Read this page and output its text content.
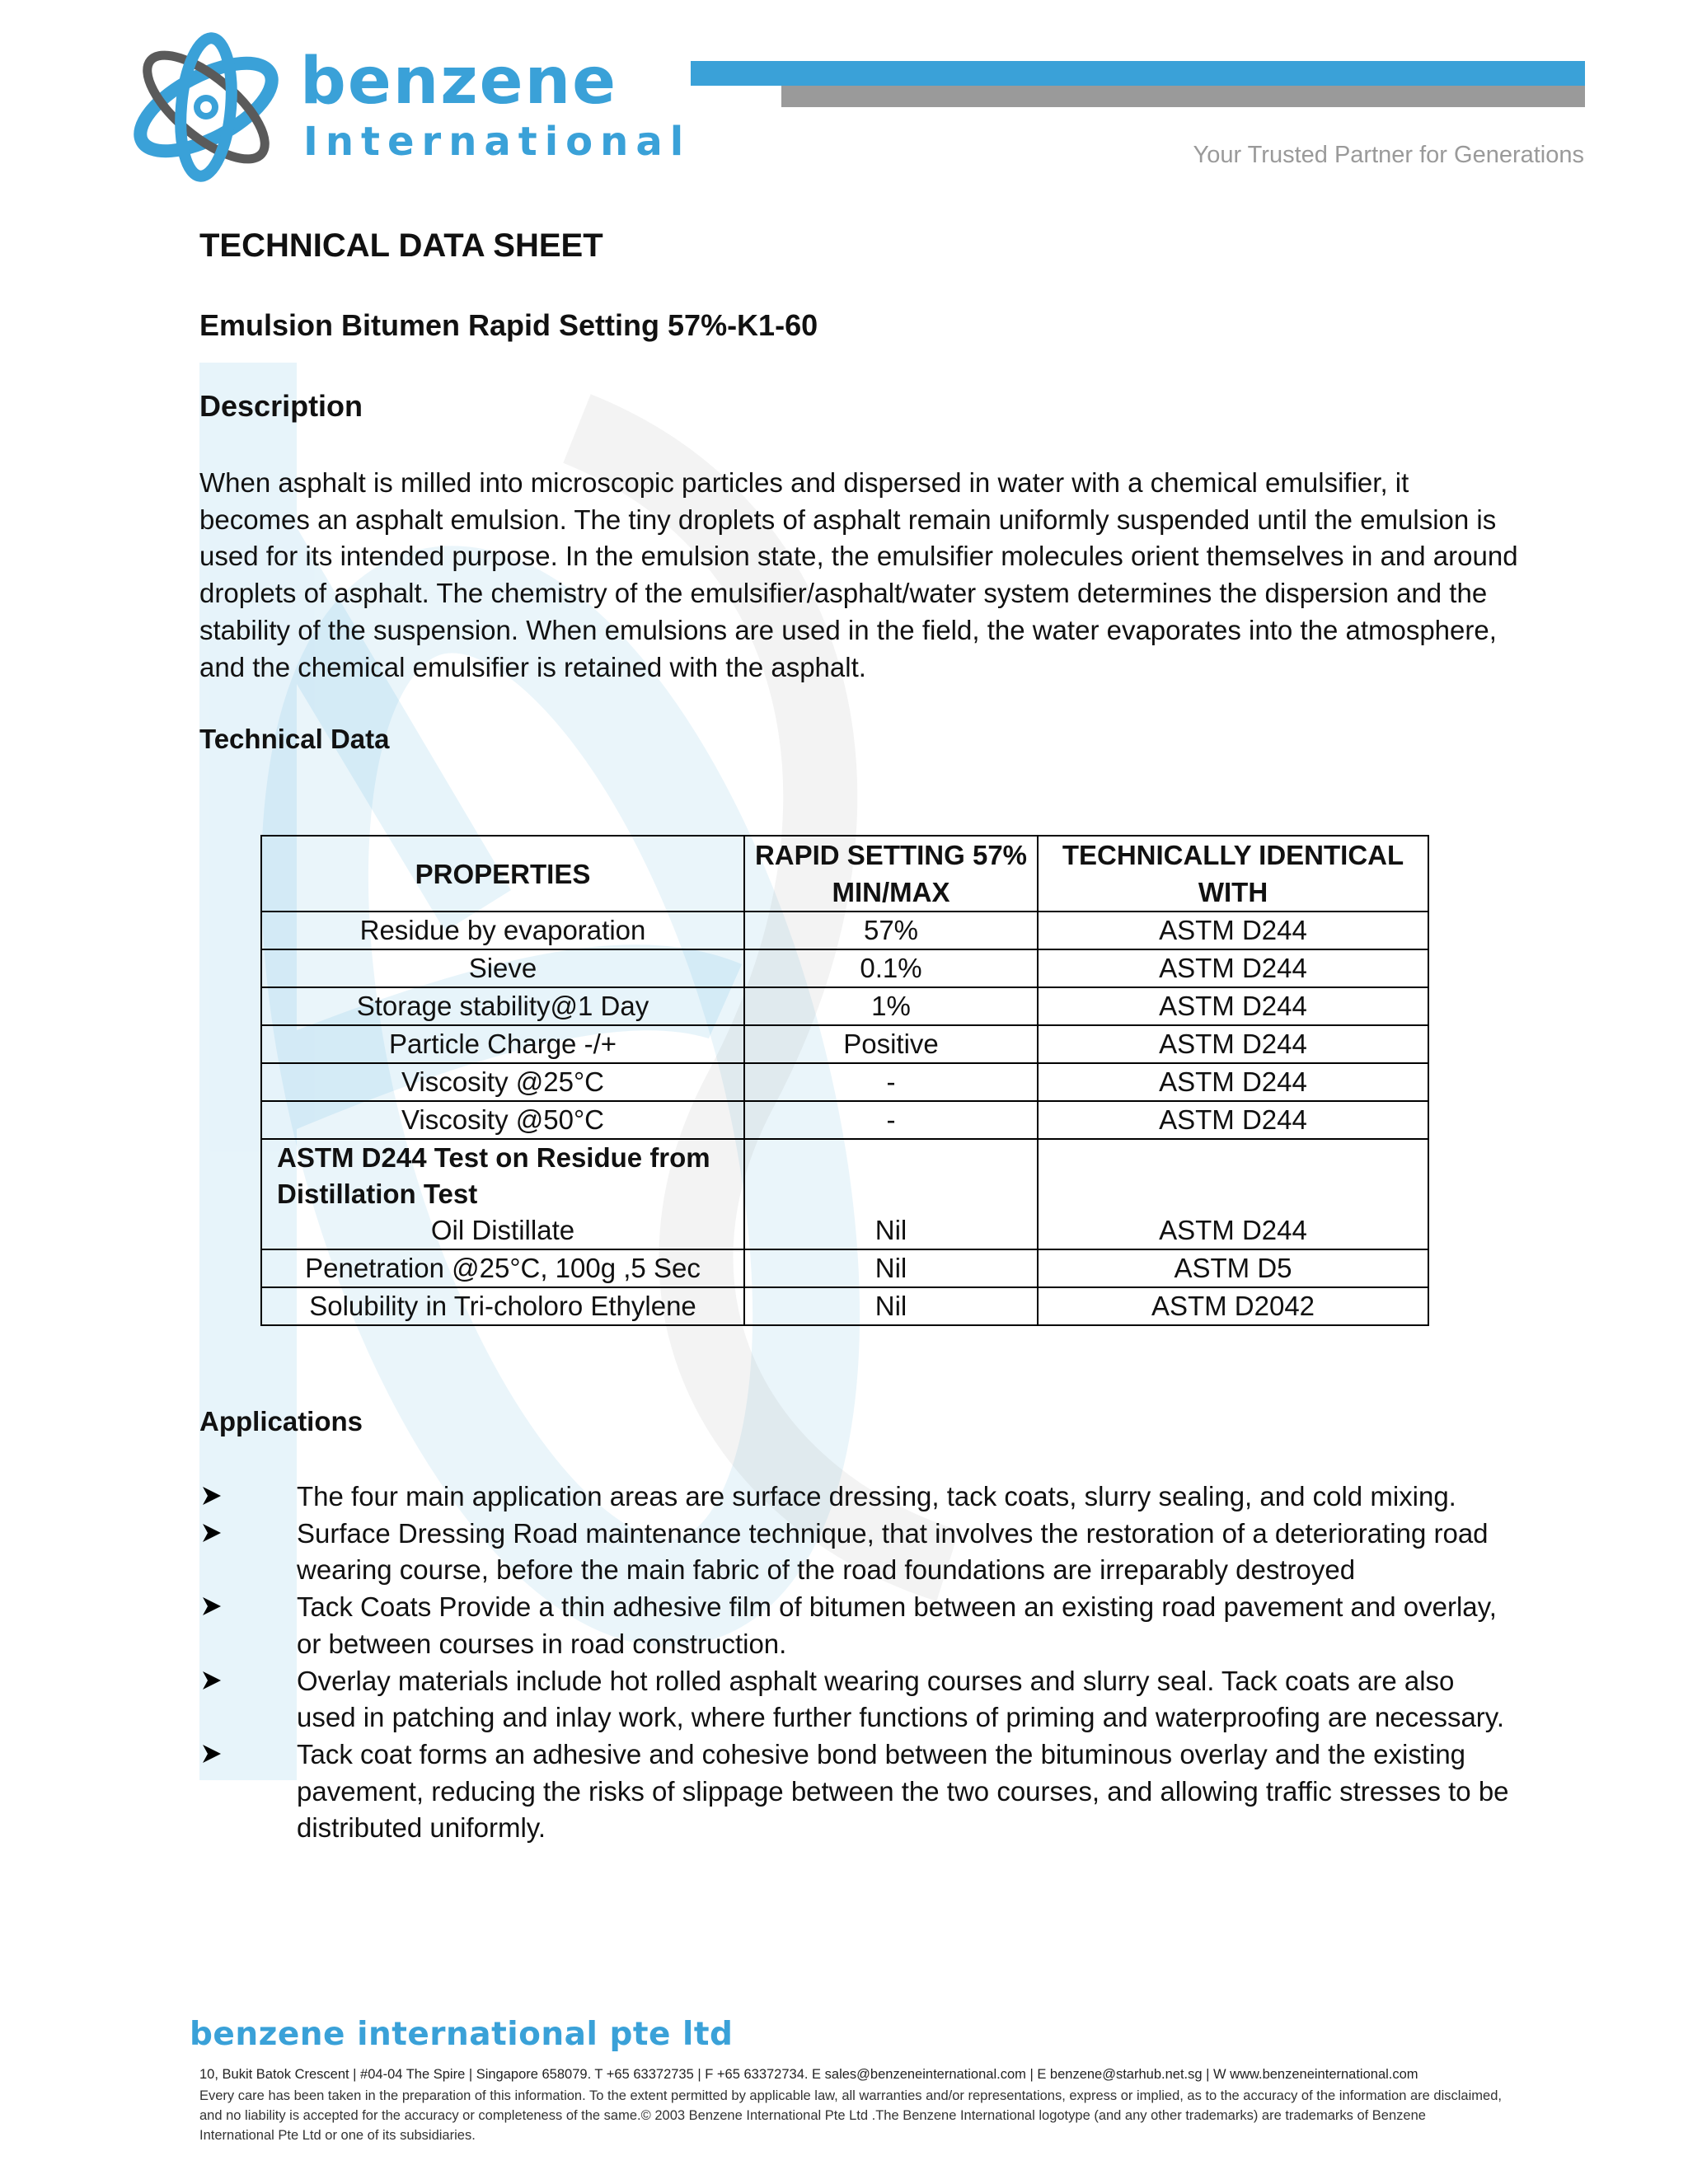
benzene
International	Your Trusted Partner for Generations

TECHNICAL DATA SHEET

Emulsion Bitumen Rapid Setting 57%-K1-60

Description

When asphalt is milled into microscopic particles and dispersed in water with a chemical emulsifier, it becomes an asphalt emulsion. The tiny droplets of asphalt remain uniformly suspended until the emulsion is used for its intended purpose. In the emulsion state, the emulsifier molecules orient themselves in and around droplets of asphalt. The chemistry of the emulsifier/asphalt/water system determines the dispersion and the stability of the suspension. When emulsions are used in the field, the water evaporates into the atmosphere, and the chemical emulsifier is retained with the asphalt.

Technical Data

PROPERTIES	RAPID SETTING 57% MIN/MAX	TECHNICALLY IDENTICAL WITH
Residue by evaporation	57%	ASTM D244
Sieve	0.1%	ASTM D244
Storage stability@1 Day	1%	ASTM D244
Particle Charge -/+	Positive	ASTM D244
Viscosity @25°C	-	ASTM D244
Viscosity @50°C	-	ASTM D244

ASTM D244 Test on Residue from Distillation Test
Oil Distillate	Nil	ASTM D244
Penetration @25°C, 100g ,5 Sec	Nil	ASTM D5
Solubility in Tri-choloro Ethylene	Nil	ASTM D2042

Applications

The four main application areas are surface dressing, tack coats, slurry sealing, and cold mixing.
Surface Dressing Road maintenance technique, that involves the restoration of a deteriorating road wearing course, before the main fabric of the road foundations are irreparably destroyed
Tack Coats Provide a thin adhesive film of bitumen between an existing road pavement and overlay, or between courses in road construction.
Overlay materials include hot rolled asphalt wearing courses and slurry seal. Tack coats are also used in patching and inlay work, where further functions of priming and waterproofing are necessary.
Tack coat forms an adhesive and cohesive bond between the bituminous overlay and the existing pavement, reducing the risks of slippage between the two courses, and allowing traffic stresses to be distributed uniformly.
benzene international pte ltd
10, Bukit Batok Crescent | #04-04 The Spire | Singapore 658079. T +65 63372735 | F +65 63372734. E sales@benzeneinternational.com | E benzene@starhub.net.sg | W www.benzeneinternational.com
Every care has been taken in the preparation of this information. To the extent permitted by applicable law, all warranties and/or representations, express or implied, as to the accuracy of the information are disclaimed, and no liability is accepted for the accuracy or completeness of the same.© 2003 Benzene International Pte Ltd .The Benzene International logotype (and any other trademarks) are trademarks of Benzene International Pte Ltd or one of its subsidiaries.
